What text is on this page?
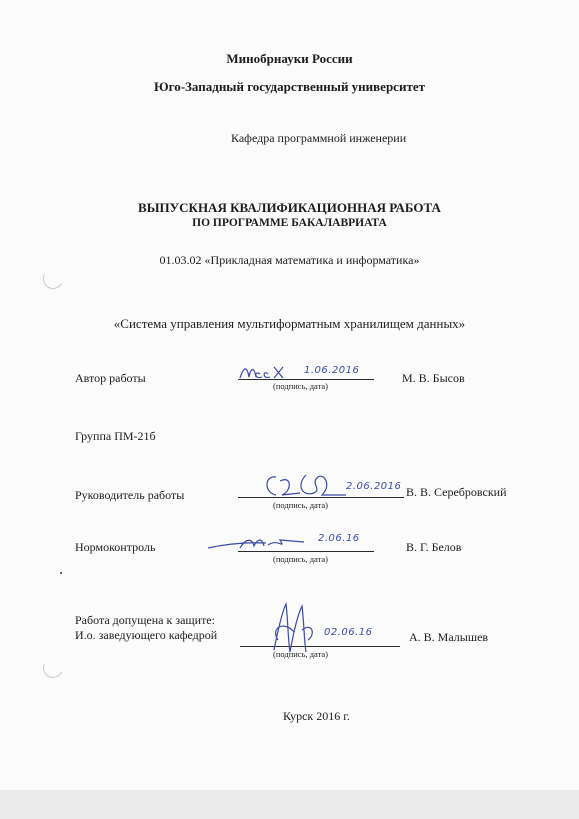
Минобрнауки России
Юго-Западный государственный университет
Кафедра программной инженерии
ВЫПУСКНАЯ КВАЛИФИКАЦИОННАЯ РАБОТА
ПО ПРОГРАММЕ БАКАЛАВРИАТА
01.03.02 «Прикладная математика и информатика»
«Система управления мультиформатным хранилищем данных»
Автор работы
1.06.2016
(подпись, дата)
М. В. Бысов
Группа ПМ-21б
Руководитель работы
2.06.2016
(подпись, дата)
В. В. Серебровский
Нормоконтроль
2.06.16
(подпись, дата)
В. Г. Белов
Работа допущена к защите:
И.о. заведующего кафедрой	02.06.16
(подпись, дата)
А. В. Малышев
Курск 2016 г.
